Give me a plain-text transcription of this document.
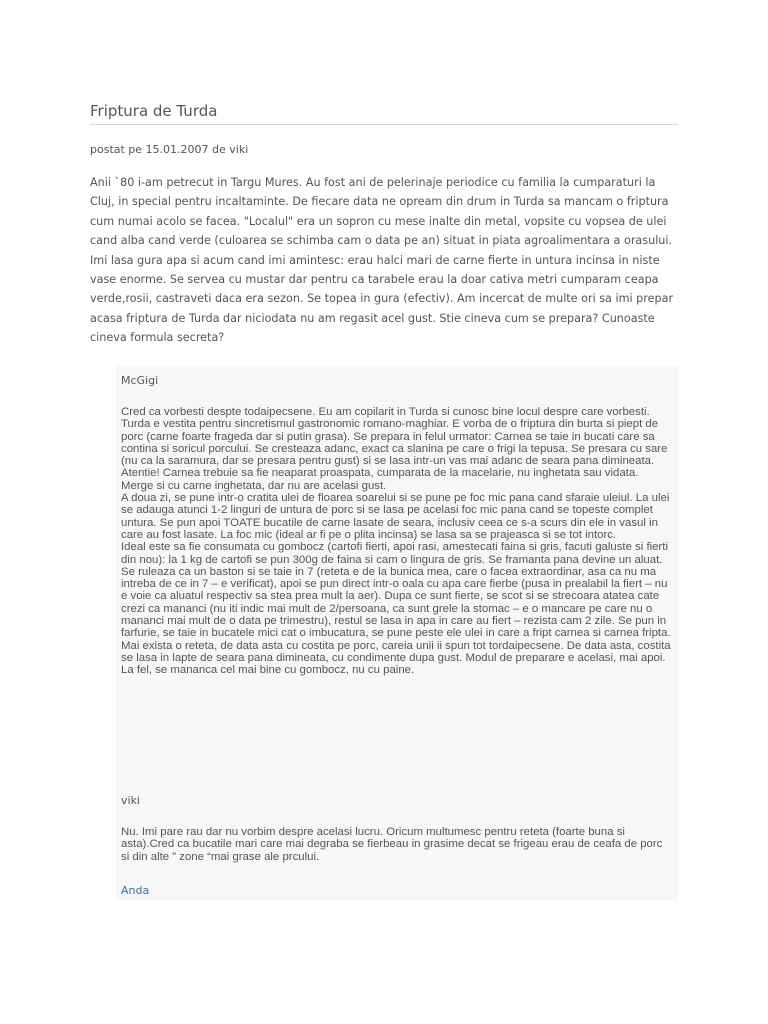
Friptura de Turda
postat pe 15.01.2007 de viki

Anii `80 i-am petrecut in Targu Mures. Au fost ani de pelerinaje periodice cu familia la cumparaturi la Cluj, in special pentru incaltaminte. De fiecare data ne opream din drum in Turda sa mancam o friptura cum numai acolo se facea. "Localul" era un sopron cu mese inalte din metal, vopsite cu vopsea de ulei cand alba cand verde (culoarea se schimba cam o data pe an) situat in piata agroalimentara a orasului. Imi lasa gura apa si acum cand imi amintesc: erau halci mari de carne fierte in untura incinsa in niste vase enorme. Se servea cu mustar dar pentru ca tarabele erau la doar cativa metri cumparam ceapa verde,rosii, castraveti daca era sezon. Se topea in gura (efectiv). Am incercat de multe ori sa imi prepar acasa friptura de Turda dar niciodata nu am regasit acel gust. Stie cineva cum se prepara? Cunoaste cineva formula secreta?

McGigi

Cred ca vorbesti despte todaipecsene. Eu am copilarit in Turda si cunosc bine locul despre care vorbesti. Turda e vestita pentru sincretismul gastronomic romano-maghiar. E vorba de o friptura din burta si piept de porc (carne foarte frageda dar si putin grasa). Se prepara in felul urmator: Carnea se taie in bucati care sa contina si soricul porcului. Se cresteaza adanc, exact ca slanina pe care o frigi la tepusa. Se presara cu sare (nu ca la saramura, dar se presara pentru gust) si se lasa intr-un vas mai adanc de seara pana dimineata. Atentie! Carnea trebuie sa fie neaparat proaspata, cumparata de la macelarie, nu inghetata sau vidata. Merge si cu carne inghetata, dar nu are acelasi gust.
A doua zi, se pune intr-o cratita ulei de floarea soarelui si se pune pe foc mic pana cand sfaraie uleiul. La ulei se adauga atunci 1-2 linguri de untura de porc si se lasa pe acelasi foc mic pana cand se topeste complet untura. Se pun apoi TOATE bucatile de carne lasate de seara, inclusiv ceea ce s-a scurs din ele in vasul in care au fost lasate. La foc mic (ideal ar fi pe o plita incinsa) se lasa sa se prajeasca si se tot intorc.
Ideal este sa fie consumata cu gombocz (cartofi fierti, apoi rasi, amestecati faina si gris, facuti galuste si fierti din nou): la 1 kg de cartofi se pun 300g de faina si cam o lingura de gris. Se framanta pana devine un aluat. Se ruleaza ca un baston si se taie in 7 (reteta e de la bunica mea, care o facea extraordinar, asa ca nu ma intreba de ce in 7 – e verificat), apoi se pun direct intr-o oala cu apa care fierbe (pusa in prealabil la fiert – nu e voie ca aluatul respectiv sa stea prea mult la aer). Dupa ce sunt fierte, se scot si se strecoara atatea cate crezi ca mananci (nu iti indic mai mult de 2/persoana, ca sunt grele la stomac – e o mancare pe care nu o mananci mai mult de o data pe trimestru), restul se lasa in apa in care au fiert – rezista cam 2 zile. Se pun in farfurie, se taie in bucatele mici cat o imbucatura, se pune peste ele ulei in care a fript carnea si carnea fripta.
Mai exista o reteta, de data asta cu costita pe porc, careia unii ii spun tot tordaipecsene. De data asta, costita se lasa in lapte de seara pana dimineata, cu condimente dupa gust. Modul de preparare e acelasi, mai apoi. La fel, se mananca cel mai bine cu gombocz, nu cu paine.

viki

Nu. Imi pare rau dar nu vorbim despre acelasi lucru. Oricum multumesc pentru reteta (foarte buna si asta).Cred ca bucatile mari care mai degraba se fierbeau in grasime decat se frigeau erau de ceafa de porc si din alte ” zone “mai grase ale prcului.

Anda
